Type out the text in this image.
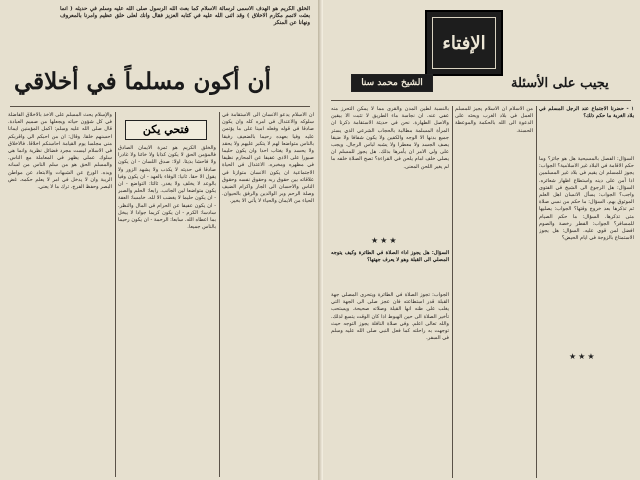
الخلق الكريم هو الهدف الاسمى لرسالة الاسلام كما بعث الله الرسول صلى الله عليه وسلم في حديثه ( انما بعثت لاتمم مكارم الاخلاق ) وقد اثنى الله عليه في كتابه العزيز فقال وانك لعلى خلق عظيم وامرنا بالمعروف ونهانا عن المنكر
أن أكون مسلماً في أخلاقي
فتحي يكن
والإسلام يحث المسلم على الاخذ بالاخلاق الفاضلة في كل شؤون حياته ويجعلها من صميم العبادة. قال صلى الله عليه وسلم: اكمل المؤمنين ايمانا احسنهم خلقا. وقال: ان من احبكم الي واقربكم مني مجلسا يوم القيامة احاسنكم اخلاقا. فالاخلاق في الاسلام ليست مجرد فضائل نظرية وانما هي سلوك عملي يظهر في المعاملة مع الناس. والمسلم الحق هو من سلم الناس من لسانه ويده. الورع عن الشبهات والابتعاد عن مواطن الريبة وان لا يدخل في امر لا يعلم حكمه. غض البصر وحفظ الفرج. ترك ما لا يعني.
والخلق الكريم هو ثمرة الايمان الصادق فالمؤمن الحق لا يكون كذابا ولا خائنا ولا غادرا ولا فاحشا بذيئا. اولا: صدق اللسان - ان يكون صادقا في حديثه لا يكذب ولا يشهد الزور ولا يقول الا حقا. ثانيا: الوفاء بالعهد - ان يكون وفيا بالوعد لا يخلف ولا يغدر. ثالثا: التواضع - ان يكون متواضعا لين الجانب. رابعا: الحلم والصبر - ان يكون حليما لا يغضب الا لله. خامسا: العفة - ان يكون عفيفا عن الحرام في المال والنظر. سادسا: الكرم - ان يكون كريما جوادا لا يبخل بما اعطاه الله. سابعا: الرحمة - ان يكون رحيما بالناس جميعا.
ان الاسلام يدعو الانسان الى الاستقامة في سلوكه والاعتدال في امره كله وان يكون صادقا في قوله وفعله امينا على ما يؤتمن عليه وفيا بعهده رحيما بالضعيف رفيقا بالناس متواضعا لهم لا يتكبر عليهم ولا يحقد ولا يحسد ولا يغتاب احدا وان يكون حليما صبورا على الاذى عفيفا عن المحارم نظيفا في مظهره ومخبره. الاعتدال في الحياة الاجتماعية ان يكون الانسان متوازنا في علاقاته بين حقوق ربه وحقوق نفسه وحقوق الناس والاحسان الى الجار واكرام الضيف وصلة الرحم وبر الوالدين والرفق بالحيوان. الحياء من الايمان والحياء لا يأتي الا بخير.
الإفتاء
يجيب على الأسئلة
الشيخ محمد سنا
بالنسبة لطين المدن والقرى مما لا يمكن التحرز منه عفي عنه. ان نجاسة ماء الطريق لا تثبت الا بيقين والاصل الطهارة. نحن في حديثة الاستقامة ذكرنا ان المرأة المسلمة مطالبة بالحجاب الشرعي الذي يستر جميع بدنها الا الوجه والكفين ولا يكون شفافا ولا ضيقا يصف الجسد ولا معطرا ولا يشبه لباس الرجال. ويجب على ولي الامر ان يأمرها بذلك. هل يجوز للمسلم ان يصلي خلف امام يلحن في القراءة؟ تصح الصلاة خلفه ما لم يغير اللحن المعنى.
★★★
السؤال: هل يجوز اداء الصلاة في الطائرة وكيف يتوجه المصلي الى القبلة وهو لا يعرف جهتها؟
الجواب: تجوز الصلاة في الطائرة ويتحرى المصلي جهة القبلة قدر استطاعته فان عجز صلى الى الجهة التي يغلب على ظنه انها القبلة وصلاته صحيحة. ويستحب تأخير الصلاة الى حين الهبوط اذا كان الوقت يتسع لذلك. والله تعالى اعلم. وفي صلاة النافلة يجوز التوجه حيث توجهت به راحلته كما فعل النبي صلى الله عليه وسلم في السفر.
من الاسلام ان الاسلام يجيز للمسلم العمل في بلاد الغرب ويحثه على الدعوة الى الله بالحكمة والموعظة الحسنة.
١ - حضرنا الاجتماع عند الرجل المسلم في بلاد الغربة ما حكم ذلك؟
السؤال: الفصل بالمسيحية هل هو جائز؟ وما حكم الاقامة في البلاد غير الاسلامية؟ الجواب: يجوز للمسلم ان يقيم في بلاد غير المسلمين اذا أمن على دينه واستطاع اظهار شعائره. السؤال: هل الرجوع الى الشيخ في الفتوى واجب؟ الجواب: يسأل الانسان اهل العلم الموثوق بهم. السؤال: ما حكم من نسي صلاة ثم تذكرها بعد خروج وقتها؟ الجواب: يصليها متى تذكرها. السؤال: ما حكم الصيام للمسافر؟ الجواب: الفطر رخصة والصوم افضل لمن قوي عليه. السؤال: هل يجوز الاستمتاع بالزوجة في ايام الحيض؟
★★★
